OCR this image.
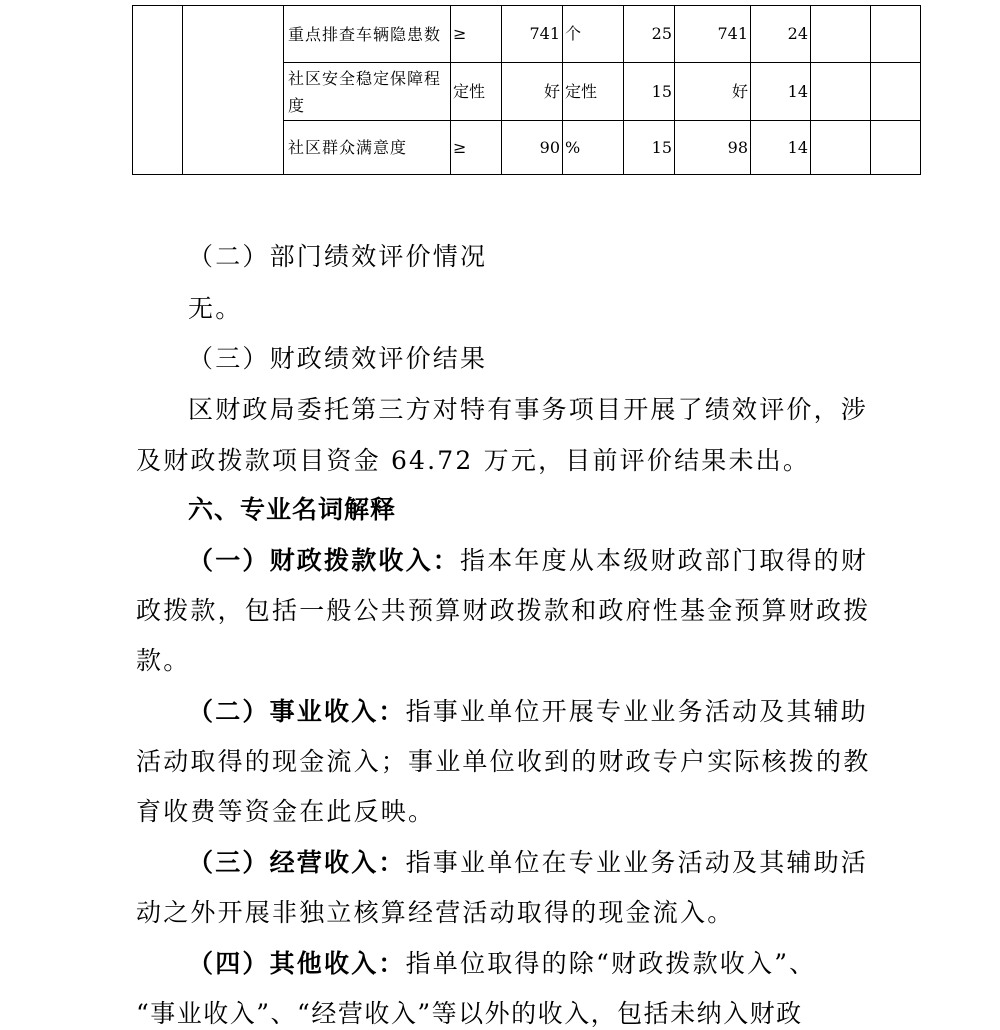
		重点排查车辆隐患数	≥	741	个	25	741	24		
		社区安全稳定保障程度	定性	好	定性	15	好	14		
		社区群众满意度	≥	90	%	15	98	14		
（二）部门绩效评价情况
无。
（三）财政绩效评价结果
区财政局委托第三方对特有事务项目开展了绩效评价，涉
及财政拨款项目资金 64.72 万元，目前评价结果未出。
六、专业名词解释
（一）财政拨款收入：指本年度从本级财政部门取得的财
政拨款，包括一般公共预算财政拨款和政府性基金预算财政拨
款。
（二）事业收入：指事业单位开展专业业务活动及其辅助
活动取得的现金流入；事业单位收到的财政专户实际核拨的教
育收费等资金在此反映。
（三）经营收入：指事业单位在专业业务活动及其辅助活
动之外开展非独立核算经营活动取得的现金流入。
（四）其他收入：指单位取得的除“财政拨款收入”、
“事业收入”、“经营收入”等以外的收入，包括未纳入财政
